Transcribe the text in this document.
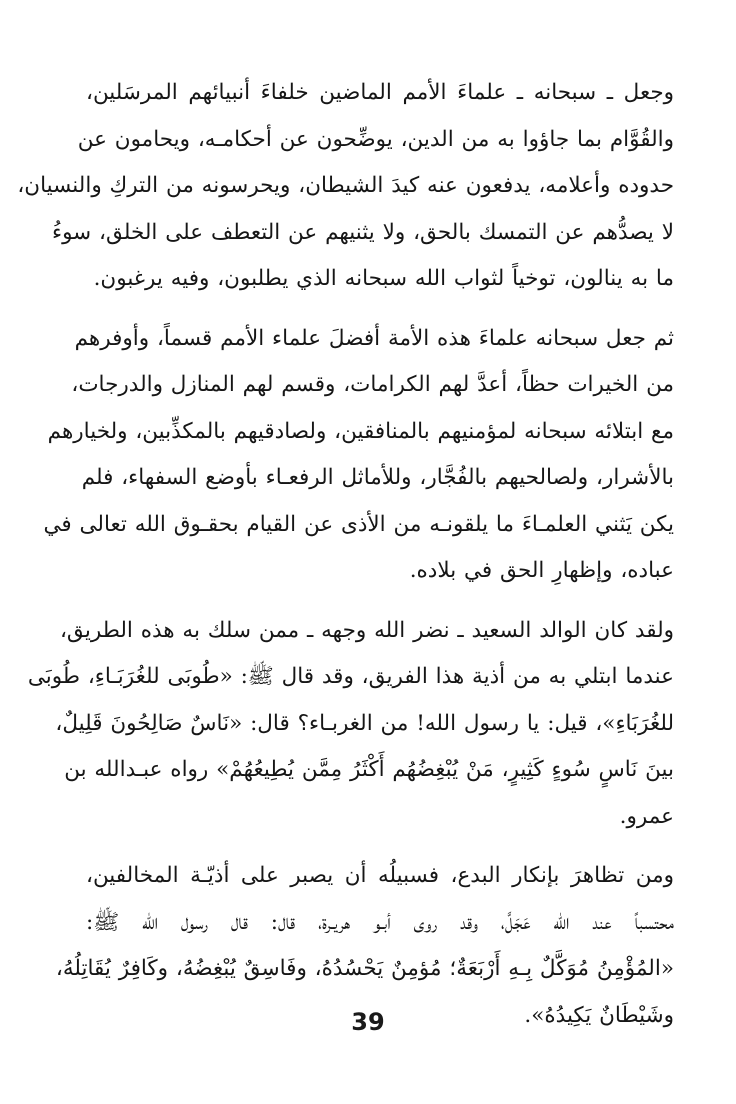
وجعل ـ سبحانه ـ علماءَ الأمم الماضين خلفاءَ أنبيائهم المرسَلين،
والقُوَّام بما جاؤوا به من الدين، يوضِّحون عن أحكامـه، ويحامون عن
حدوده وأعلامه، يدفعون عنه كيدَ الشيطان، ويحرسونه من التركِ والنسيان،
لا يصدُّهم عن التمسك بالحق، ولا يثنيهم عن التعطف على الخلق، سوءُ
ما به ينالون، توخياً لثواب الله سبحانه الذي يطلبون، وفيه يرغبون.

ثم جعل سبحانه علماءَ هذه الأمة أفضلَ علماء الأمم قسماً، وأوفرهم
من الخيرات حظاً، أعدَّ لهم الكرامات، وقسم لهم المنازل والدرجات،
مع ابتلائه سبحانه لمؤمنيهم بالمنافقين، ولصادقيهم بالمكذِّبين، ولخيارهم
بالأشرار، ولصالحيهم بالفُجَّار، وللأماثل الرفعـاء بأوضع السفهاء، فلم
يكن يَثني العلمـاءَ ما يلقونـه من الأذى عن القيام بحقـوق الله تعالى في
عباده، وإظهارِ الحق في بلاده.

ولقد كان الوالد السعيد ـ نضر الله وجهه ـ ممن سلك به هذه الطريق،
عندما ابتلي به من أذية هذا الفريق، وقد قال ﷺ: «طُوبَى للغُرَبَـاءِ، طُوبَى
للغُرَبَاءِ»، قيل: يا رسول الله! من الغربـاء؟ قال: «نَاسٌ صَالِحُونَ قَلِيلٌ،
بينَ نَاسٍ سُوءٍ كَثِيرٍ، مَنْ يُبْغِضُهُم أَكْثَرُ مِمَّن يُطِيعُهُمْ» رواه عبـدالله بن
عمرو.

ومن تظاهرَ بإنكار البدع، فسبيلُه أن يصبر على أذيّـة المخالفين،
محتسباً عند الله عَجَلَّ، وقد روى أبـو هريـرة، قال: قال رسول الله ﷺ:
«المُؤْمِنُ مُوَكَّلٌ بِـهِ أَرْبَعَةٌ؛ مُؤمِنٌ يَحْسُدُهُ، وفَاسِقٌ يُبْغِضُهُ، وكَافِرٌ يُقَاتِلُهُ،
وشَيْطَانٌ يَكِيدُهُ».

39
